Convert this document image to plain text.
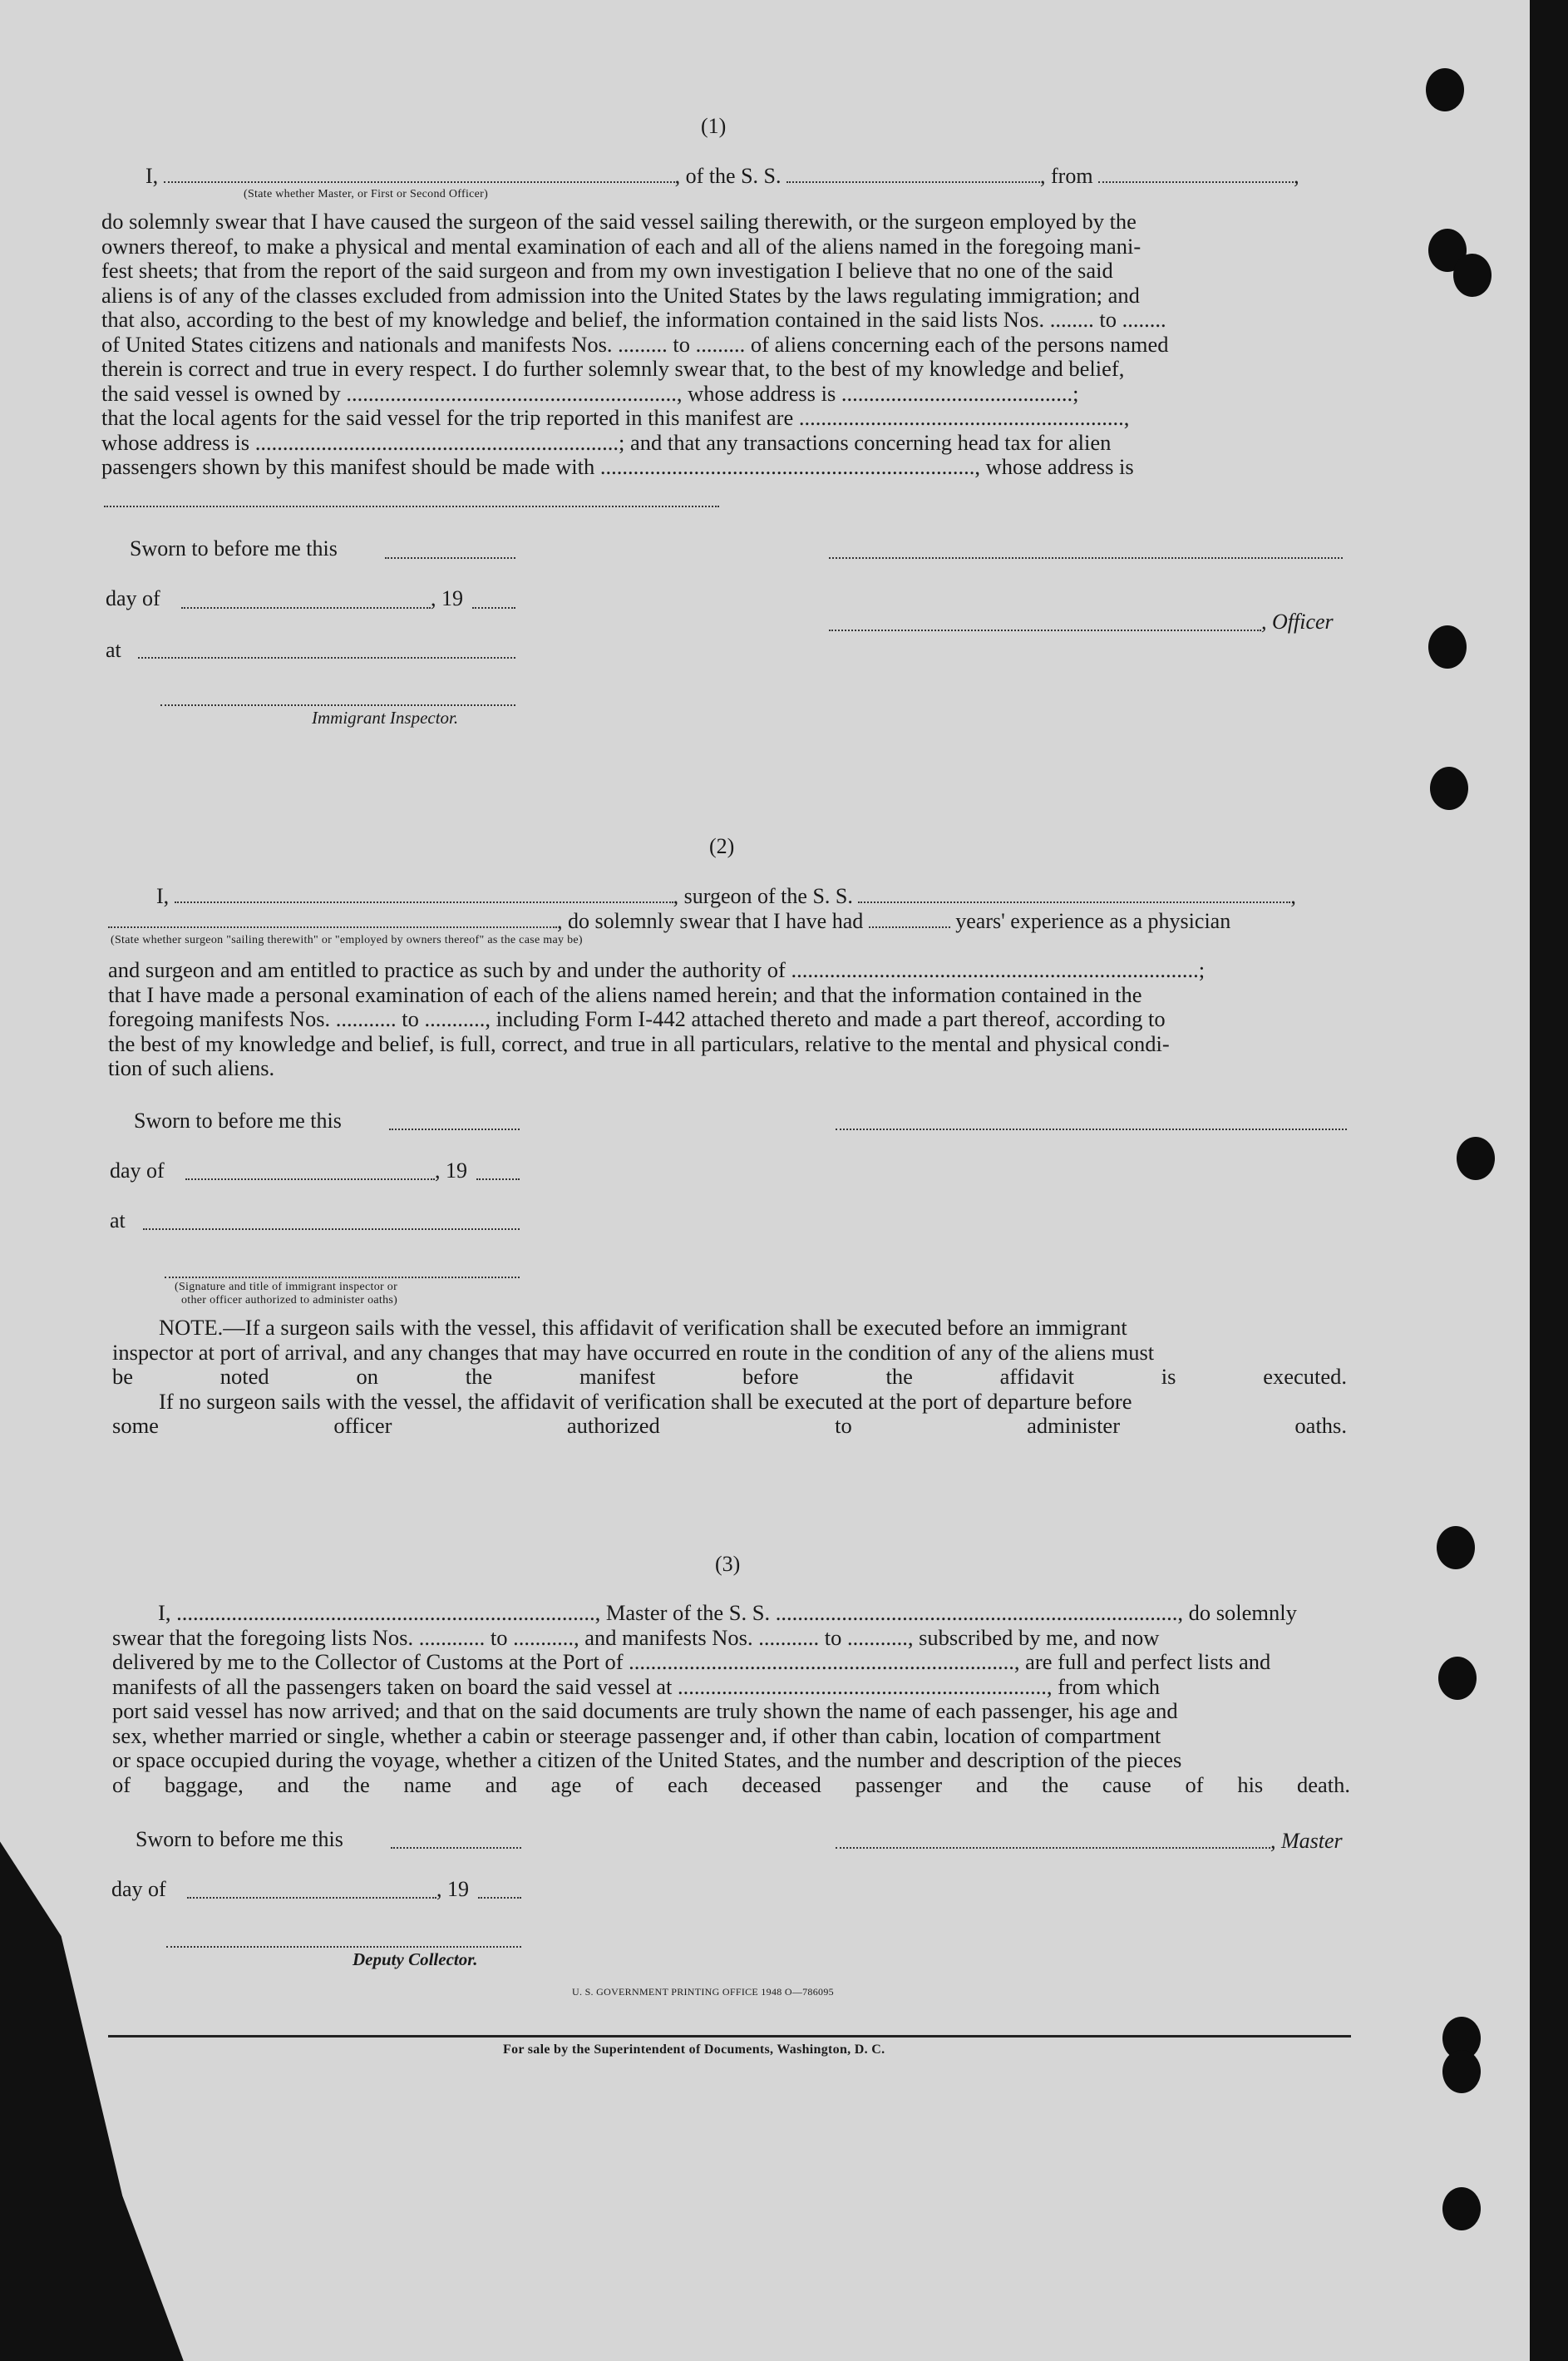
(1)
I,	, of the S. S.	, from	,
(State whether Master, or First or Second Officer)
do solemnly swear that I have caused the surgeon of the said vessel sailing therewith, or the surgeon employed by the
owners thereof, to make a physical and mental examination of each and all of the aliens named in the foregoing mani-
fest sheets; that from the report of the said surgeon and from my own investigation I believe that no one of the said
aliens is of any of the classes excluded from admission into the United States by the laws regulating immigration; and
that also, according to the best of my knowledge and belief, the information contained in the said lists Nos. ........ to ........
of United States citizens and nationals and manifests Nos. ......... to ......... of aliens concerning each of the persons named
therein is correct and true in every respect. I do further solemnly swear that, to the best of my knowledge and belief,
the said vessel is owned by ............................................................, whose address is ..........................................;
that the local agents for the said vessel for the trip reported in this manifest are ...........................................................,
whose address is ..................................................................; and that any transactions concerning head tax for alien
passengers shown by this manifest should be made with ...................................................................., whose address is
Sworn to before me this
day of	, 19
, Officer
at
Immigrant Inspector.
(2)
I,	, surgeon of the S. S.	,
, do solemnly swear that I have had	years' experience as a physician
(State whether surgeon "sailing therewith" or "employed by owners thereof" as the case may be)
and surgeon and am entitled to practice as such by and under the authority of ..........................................................................;
that I have made a personal examination of each of the aliens named herein; and that the information contained in the
foregoing manifests Nos. ........... to ..........., including Form I-442 attached thereto and made a part thereof, according to
the best of my knowledge and belief, is full, correct, and true in all particulars, relative to the mental and physical condi-
tion of such aliens.
Sworn to before me this
day of	, 19
at
(Signature and title of immigrant inspector or
other officer authorized to administer oaths)
NOTE.—If a surgeon sails with the vessel, this affidavit of verification shall be executed before an immigrant
inspector at port of arrival, and any changes that may have occurred en route in the condition of any of the aliens must
be noted on the manifest before the affidavit is executed.
If no surgeon sails with the vessel, the affidavit of verification shall be executed at the port of departure before
some officer authorized to administer oaths.
(3)
I, ............................................................................, Master of the S. S. ........................................................................., do solemnly
swear that the foregoing lists Nos. ............ to ..........., and manifests Nos. ........... to ..........., subscribed by me, and now
delivered by me to the Collector of Customs at the Port of ......................................................................, are full and perfect lists and
manifests of all the passengers taken on board the said vessel at ..................................................................., from which
port said vessel has now arrived; and that on the said documents are truly shown the name of each passenger, his age and
sex, whether married or single, whether a cabin or steerage passenger and, if other than cabin, location of compartment
or space occupied during the voyage, whether a citizen of the United States, and the number and description of the pieces
of baggage, and the name and age of each deceased passenger and the cause of his death.
Sworn to before me this	, Master
day of	, 19
Deputy Collector.
U. S. GOVERNMENT PRINTING OFFICE 1948 O—786095
For sale by the Superintendent of Documents, Washington, D. C.
